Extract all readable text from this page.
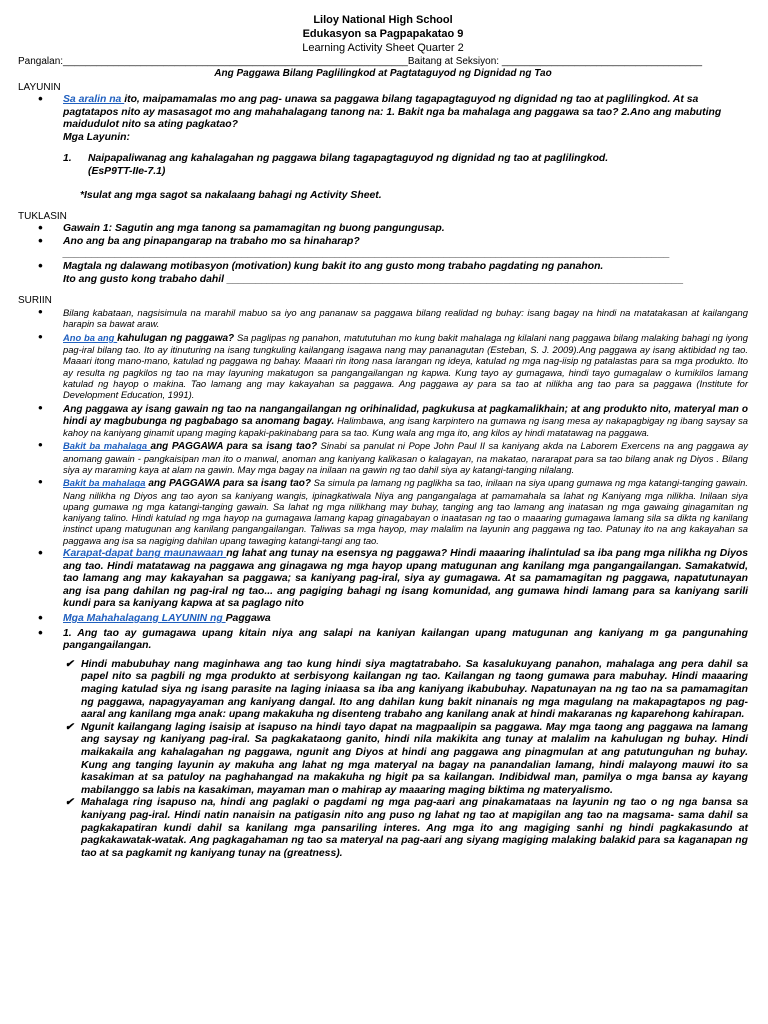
Liloy National High School
Edukasyon sa Pagpapakatao 9
Learning Activity Sheet Quarter 2
Pangalan:______________________________________________________________Baitang at Seksiyon: ____________________________________
Ang Paggawa Bilang Paglilingkod at Pagtataguyod ng Dignidad ng Tao
LAYUNIN
• Sa aralin na ito, maipamamalas mo ang pag- unawa sa paggawa bilang tagapagtaguyod ng dignidad ng tao at paglilingkod. At sa pagtatapos nito ay masasagot mo ang mahahalagang tanong na: 1. Bakit nga ba mahalaga ang paggawa sa tao? 2.Ano ang mabuting maidudulot nito sa ating pagkatao?
Mga Layunin:
1. Naipapaliwanag ang kahalagahan ng paggawa bilang tagapagtaguyod ng dignidad ng tao at paglilingkod.
(EsP9TT-IIe-7.1)
*Isulat ang mga sagot sa nakalaang bahagi ng Activity Sheet.
TUKLASIN
• Gawain 1: Sagutin ang mga tanong sa pamamagitan ng buong pangungusap.
• Ano ang ba ang pinapangarap na trabaho mo sa hinaharap?
_________________________________________________________________________________________________________
• Magtala ng dalawang motibasyon (motivation) kung bakit ito ang gusto mong trabaho pagdating ng panahon.
Ito ang gusto kong trabaho dahil _______________________________________________________________________________
SURIIN
• Bilang kabataan, nagsisimula na marahil mabuo sa iyo ang pananaw sa paggawa bilang realidad ng buhay: isang bagay na hindi na matatakasan at kailangang harapin sa bawat araw.
• Ano ba ang kahulugan ng paggawa? Sa paglipas ng panahon, matututuhan mo kung bakit mahalaga ng kilalani nang paggawa bilang malaking bahagi ng iyong pag-iral bilang tao. Ito ay itinuturing na isang tungkuling kailangang isagawa nang may pananagutan (Esteban, S. J. 2009).Ang paggawa ay isang aktibidad ng tao. Maaari itong mano-mano, katulad ng paggawa ng bahay. Maaari rin itong nasa larangan ng ideya, katulad ng mga nag-iisip ng patalastas para sa mga produkto. Ito ay resulta ng pagkilos ng tao na may layuning makatugon sa pangangailangan ng kapwa. Kung tayo ay gumagawa, hindi tayo gumagalaw o kumikilos lamang katulad ng hayop o makina. Tao lamang ang may kakayahan sa paggawa. Ang paggawa ay para sa tao at nilikha ang tao para sa paggawa (Institute for Development Education, 1991).
• Ang paggawa ay isang gawain ng tao na nangangailangan ng orihinalidad, pagkukusa at pagkamalikhain; at ang produkto nito, materyal man o hindi ay magbubunga ng pagbabago sa anomang bagay. Halimbawa, ang isang karpintero na gumawa ng isang mesa ay nakapagbigay ng ibang saysay sa kahoy na kaniyang ginamit upang maging kapaki-pakinabang para sa tao. Kung wala ang mga ito, ang kilos ay hindi matatawag na paggawa.
• Bakit ba mahalaga ang PAGGAWA para sa isang tao? Sinabi sa panulat ni Pope John Paul II sa kaniyang akda na Laborem Exercens na ang paggawa ay anomang gawain - pangkaisipan man ito o manwal, anoman ang kaniyang kalikasan o kalagayan, na makatao, nararapat para sa tao bilang anak ng Diyos . Bilang siya ay maraming kaya at alam na gawin. May mga bagay na inilaan na gawin ng tao dahil siya ay katangi-tanging nilalang.
• Bakit ba mahalaga ang PAGGAWA para sa isang tao? Sa simula pa lamang ng paglikha sa tao, inilaan na siya upang gumawa ng mga katangi-tanging gawain. Nang nilikha ng Diyos ang tao ayon sa kaniyang wangis, ipinagkatiwala Niya ang pangangalaga at pamamahala sa lahat ng Kaniyang mga nilikha. Inilaan siya upang gumawa ng mga katangi-tanging gawain. Sa lahat ng mga nilikhang may buhay, tanging ang tao lamang ang inatasan ng mga gawaing ginagamitan ng kaniyang talino. Hindi katulad ng mga hayop na gumagawa lamang kapag ginagabayan o inaatasan ng tao o maaaring gumagawa lamang sila sa dikta ng kanilang instinct upang matugunan ang kanilang pangangailangan. Taliwas sa mga hayop, may malalim na layunin ang paggawa ng tao. Patunay ito na ang kakayahan sa paggawa ang isa sa nagiging dahilan upang tawaging katangi-tangi ang tao.
• Karapat-dapat bang maunawaan ng lahat ang tunay na esensya ng paggawa? Hindi maaaring ihalintulad sa iba pang mga nilikha ng Diyos ang tao. Hindi matatawag na paggawa ang ginagawa ng mga hayop upang matugunan ang kanilang mga pangangailangan. Samakatwid, tao lamang ang may kakayahan sa paggawa; sa kaniyang pag-iral, siya ay gumagawa. At sa pamamagitan ng paggawa, napatutunayan ang isa pang dahilan ng pag-iral ng tao... ang pagiging bahagi ng isang komunidad, ang gumawa hindi lamang para sa kaniyang sarili kundi para sa kaniyang kapwa at sa paglago nito
• Mga Mahahalagang LAYUNIN ng Paggawa
• 1. Ang tao ay gumagawa upang kitain niya ang salapi na kaniyan kailangan upang matugunan ang kaniyang m ga pangunahing pangangailangan.
✔ Hindi mabubuhay nang maginhawa ang tao kung hindi siya magtatrabaho. Sa kasalukuyang panahon, mahalaga ang pera dahil sa papel nito sa pagbili ng mga produkto at serbisyong kailangan ng tao. Kailangan ng taong gumawa para mabuhay. Hindi maaaring maging katulad siya ng isang parasite na laging iniaasa sa iba ang kaniyang ikabubuhay. Napatunayan na ng tao na sa pamamagitan ng paggawa, napagyayaman ang kaniyang dangal. Ito ang dahilan kung bakit ninanais ng mga magulang na makapagtapos ng pag- aaral ang kanilang mga anak: upang makakuha ng disenteng trabaho ang kanilang anak at hindi makaranas ng kaparehong kahirapan.
✔ Ngunit kailangang laging isaisip at isapuso na hindi tayo dapat na magpaalipin sa paggawa. May mga taong ang paggawa na lamang ang saysay ng kaniyang pag-iral. Sa pagkakataong ganito, hindi nila makikita ang tunay at malalim na kahulugan ng buhay. Hindi maikakaila ang kahalagahan ng paggawa, ngunit ang Diyos at hindi ang paggawa ang pinagmulan at ang patutunguhan ng buhay. Kung ang tanging layunin ay makuha ang lahat ng mga materyal na bagay na panandalian lamang, hindi malayong mauwi ito sa kasakiman at sa patuloy na paghahangad na makakuha ng higit pa sa kailangan. Indibidwal man, pamilya o mga bansa ay kayang mabilanggo sa labis na kasakiman, mayaman man o mahirap ay maaaring maging biktima ng materyalismo.
✔ Mahalaga ring isapuso na, hindi ang paglaki o pagdami ng mga pag-aari ang pinakamataas na layunin ng tao o ng nga bansa sa kaniyang pag-iral. Hindi natin nanaisin na patigasin nito ang puso ng lahat ng tao at mapigilan ang tao na magsama- sama dahil sa pagkakapatiran kundi dahil sa kanilang mga pansariling interes. Ang mga ito ang magiging sanhi ng hindi pagkakasundo at pagkakawatak-watak. Ang pagkagahaman ng tao sa materyal na pag-aari ang siyang magiging malaking balakid para sa kaganapan ng tao at sa pagkamit ng kaniyang tunay na (greatness).
